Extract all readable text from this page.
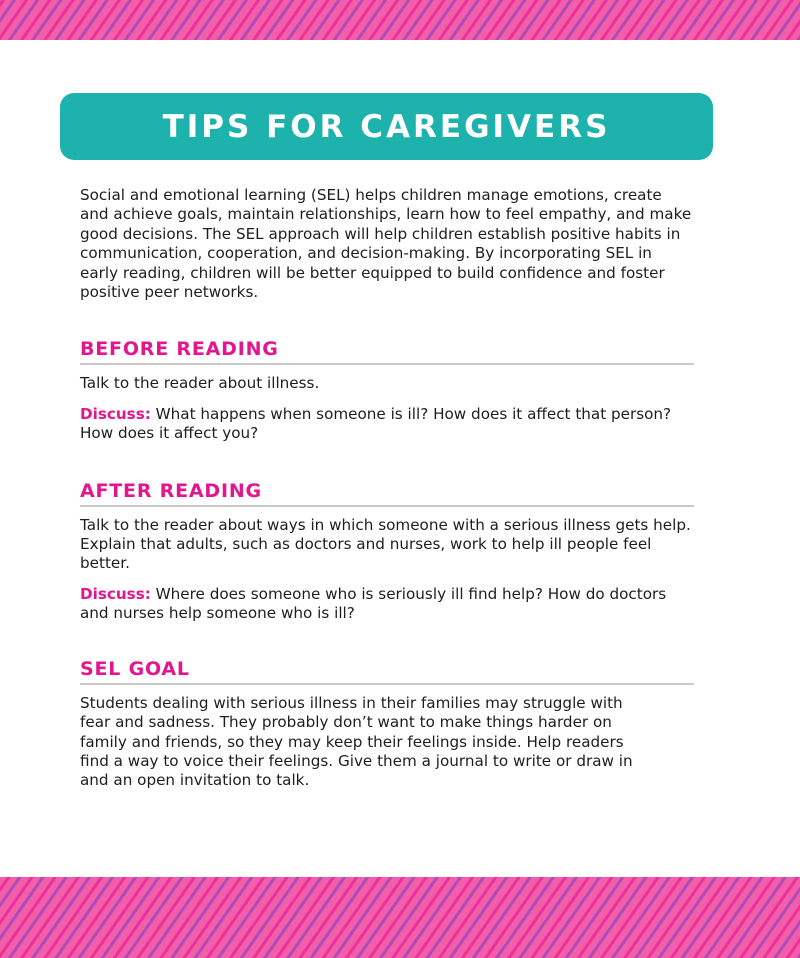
TIPS FOR CAREGIVERS

Social and emotional learning (SEL) helps children manage emotions, create and achieve goals, maintain relationships, learn how to feel empathy, and make good decisions. The SEL approach will help children establish positive habits in communication, cooperation, and decision-making. By incorporating SEL in early reading, children will be better equipped to build confidence and foster positive peer networks.

BEFORE READING

Talk to the reader about illness.

Discuss: What happens when someone is ill? How does it affect that person? How does it affect you?

AFTER READING

Talk to the reader about ways in which someone with a serious illness gets help. Explain that adults, such as doctors and nurses, work to help ill people feel better.

Discuss: Where does someone who is seriously ill find help? How do doctors and nurses help someone who is ill?

SEL GOAL

Students dealing with serious illness in their families may struggle with fear and sadness. They probably don’t want to make things harder on family and friends, so they may keep their feelings inside. Help readers find a way to voice their feelings. Give them a journal to write or draw in and an open invitation to talk.
